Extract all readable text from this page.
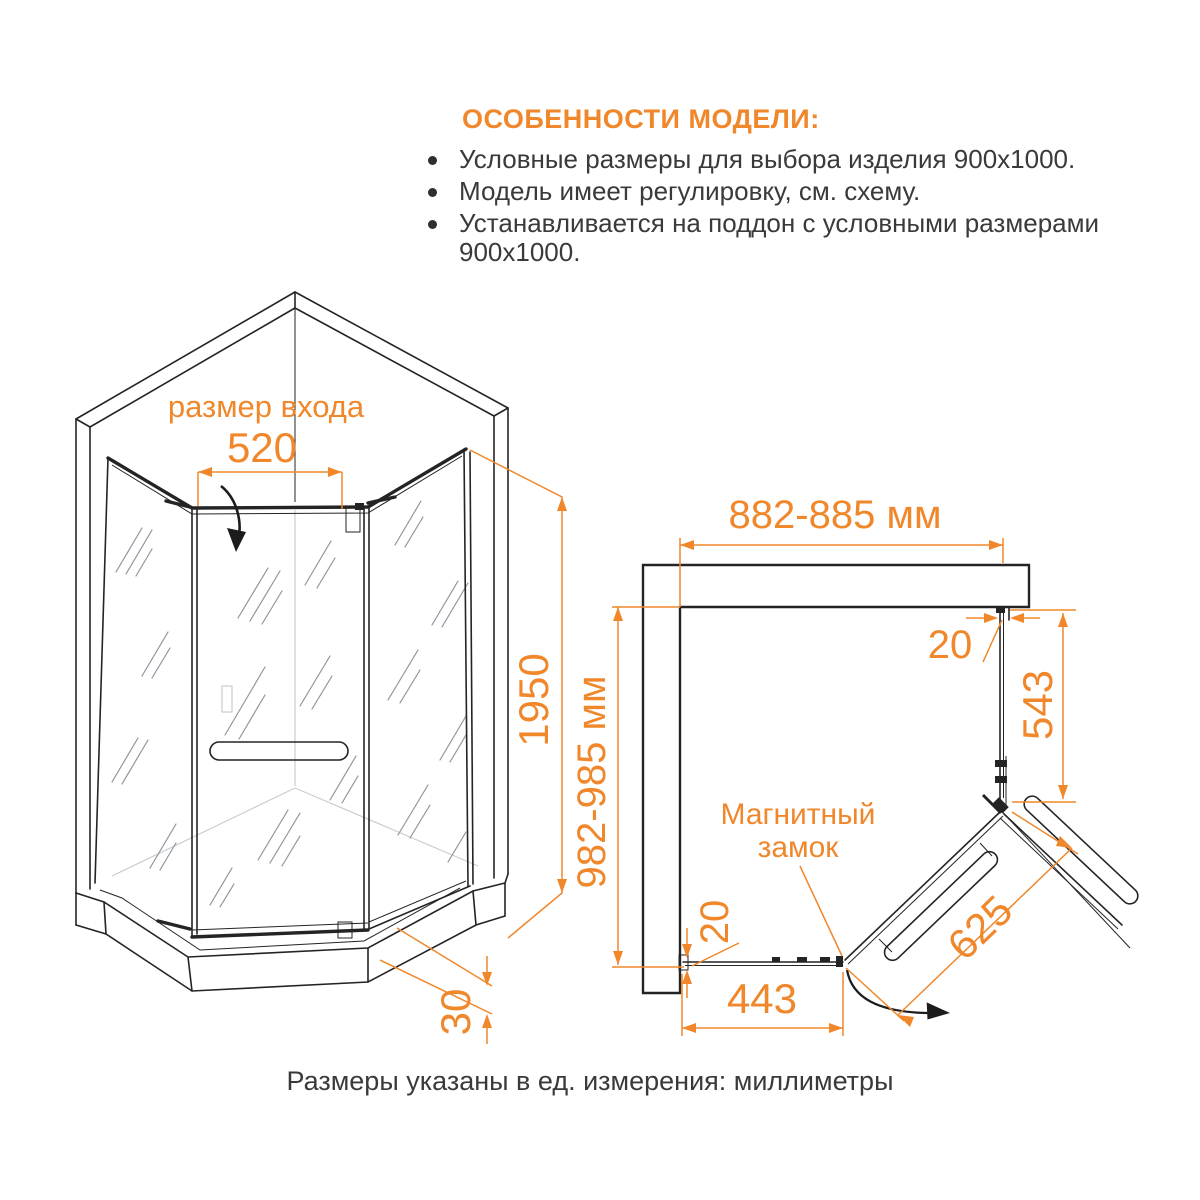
ОСОБЕННОСТИ МОДЕЛИ:
Условные размеры для выбора изделия 900x1000.
Модель имеет регулировку, см. схему.
Устанавливается на поддон с условными размерами 900x1000.
размер входа
520
1950
30
882-885 мм
982-985 мм
20
543
20
443
625
Магнитный
замок
Размеры указаны в ед. измерения: миллиметры
